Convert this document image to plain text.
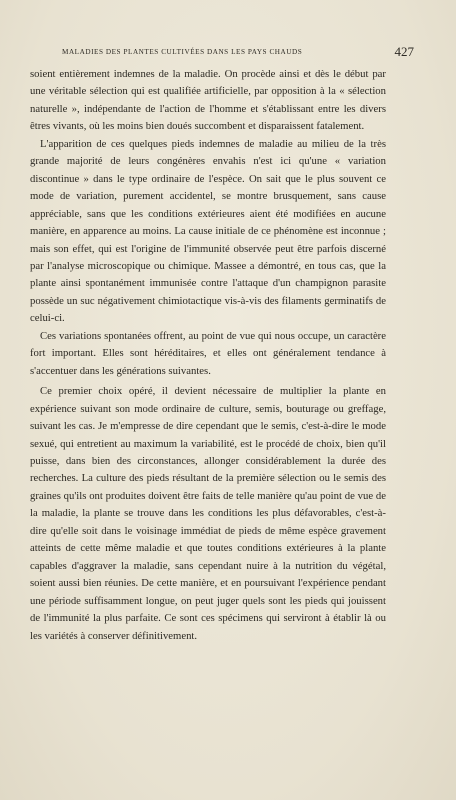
MALADIES DES PLANTES CULTIVÉES DANS LES PAYS CHAUDS	427

soient entièrement indemnes de la maladie. On procède ainsi et dès le début par une véritable sélection qui est qualifiée artificielle, par opposition à la « sélection naturelle », indépendante de l'action de l'homme et s'établissant entre les divers êtres vivants, où les moins bien doués succombent et disparaissent fatalement.

L'apparition de ces quelques pieds indemnes de maladie au milieu de la très grande majorité de leurs congénères envahis n'est ici qu'une « variation discontinue » dans le type ordinaire de l'espèce. On sait que le plus souvent ce mode de variation, purement accidentel, se montre brusquement, sans cause appréciable, sans que les conditions extérieures aient été modifiées en aucune manière, en apparence au moins. La cause initiale de ce phénomène est inconnue ; mais son effet, qui est l'origine de l'immunité observée peut être parfois discerné par l'analyse microscopique ou chimique. Massee a démontré, en tous cas, que la plante ainsi spontanément immunisée contre l'attaque d'un champignon parasite possède un suc négativement chimiotactique vis-à-vis des filaments germinatifs de celui-ci.

Ces variations spontanées offrent, au point de vue qui nous occupe, un caractère fort important. Elles sont héréditaires, et elles ont généralement tendance à s'accentuer dans les générations suivantes.

Ce premier choix opéré, il devient nécessaire de multiplier la plante en expérience suivant son mode ordinaire de culture, semis, bouturage ou greffage, suivant les cas. Je m'empresse de dire cependant que le semis, c'est-à-dire le mode sexué, qui entretient au maximum la variabilité, est le procédé de choix, bien qu'il puisse, dans bien des circonstances, allonger considérablement la durée des recherches. La culture des pieds résultant de la première sélection ou le semis des graines qu'ils ont produites doivent être faits de telle manière qu'au point de vue de la maladie, la plante se trouve dans les conditions les plus défavorables, c'est-à-dire qu'elle soit dans le voisinage immédiat de pieds de même espèce gravement atteints de cette même maladie et que toutes conditions extérieures à la plante capables d'aggraver la maladie, sans cependant nuire à la nutrition du végétal, soient aussi bien réunies. De cette manière, et en poursuivant l'expérience pendant une période suffisamment longue, on peut juger quels sont les pieds qui jouissent de l'immunité la plus parfaite. Ce sont ces spécimens qui serviront à établir là ou les variétés à conserver définitivement.
